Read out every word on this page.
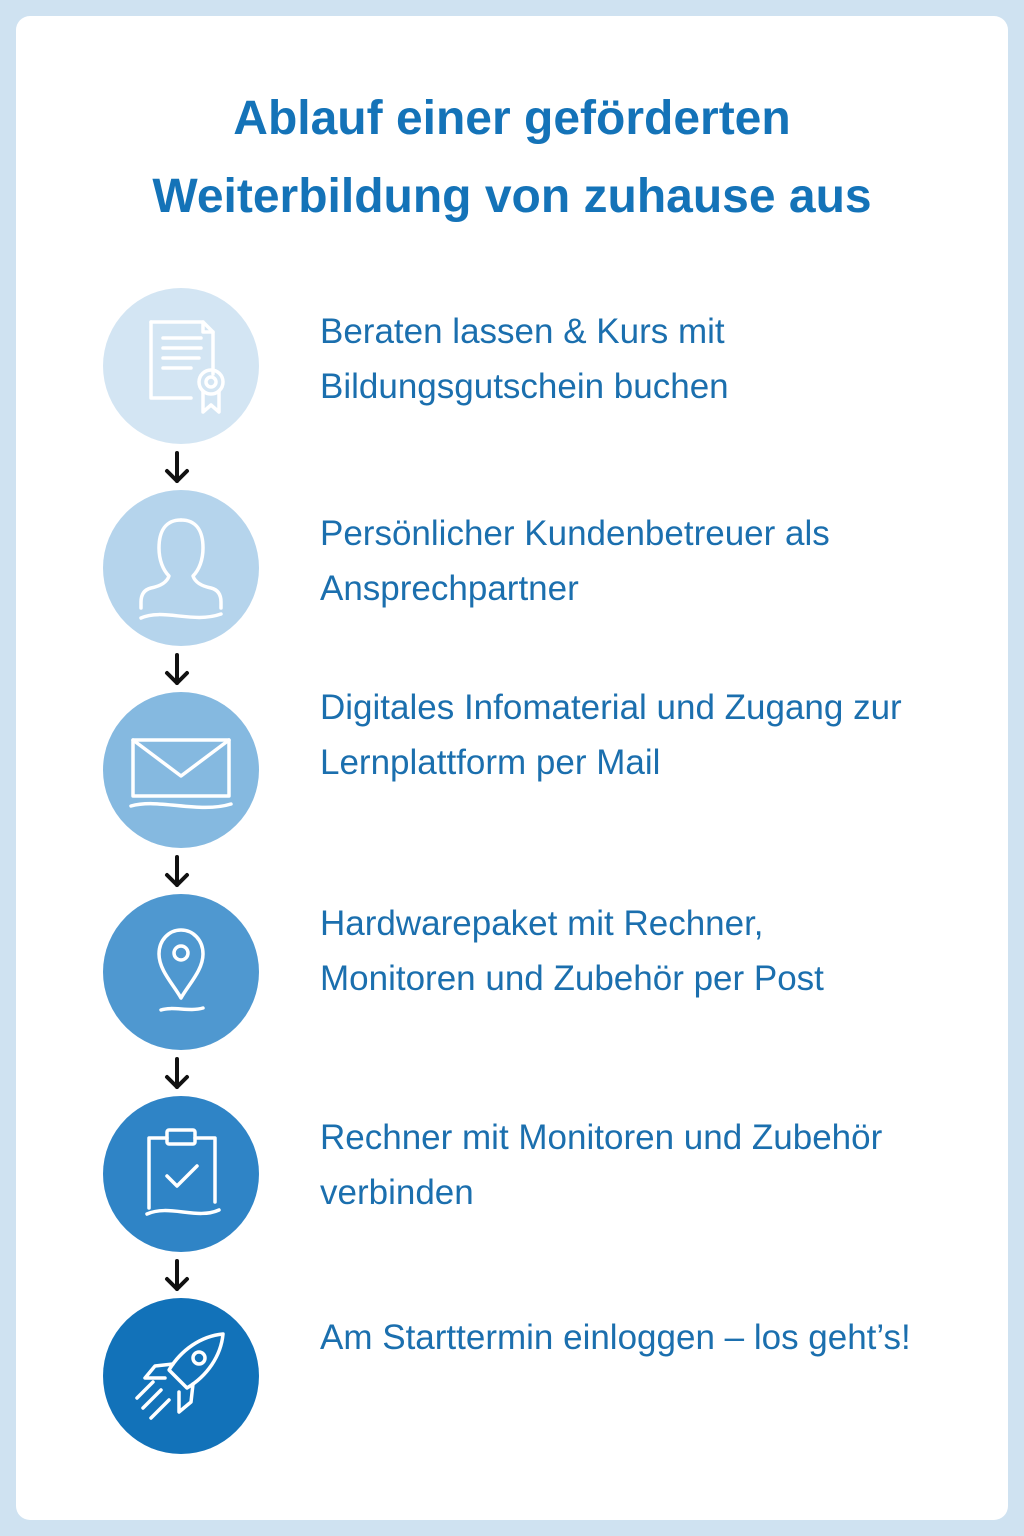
Ablauf einer geförderten
Weiterbildung von zuhause aus

Beraten lassen & Kurs mit Bildungsgutschein buchen

Persönlicher Kundenbetreuer als Ansprechpartner

Digitales Infomaterial und Zugang zur Lernplattform per Mail

Hardwarepaket mit Rechner, Monitoren und Zubehör per Post

Rechner mit Monitoren und Zubehör verbinden

Am Starttermin einloggen – los geht’s!
